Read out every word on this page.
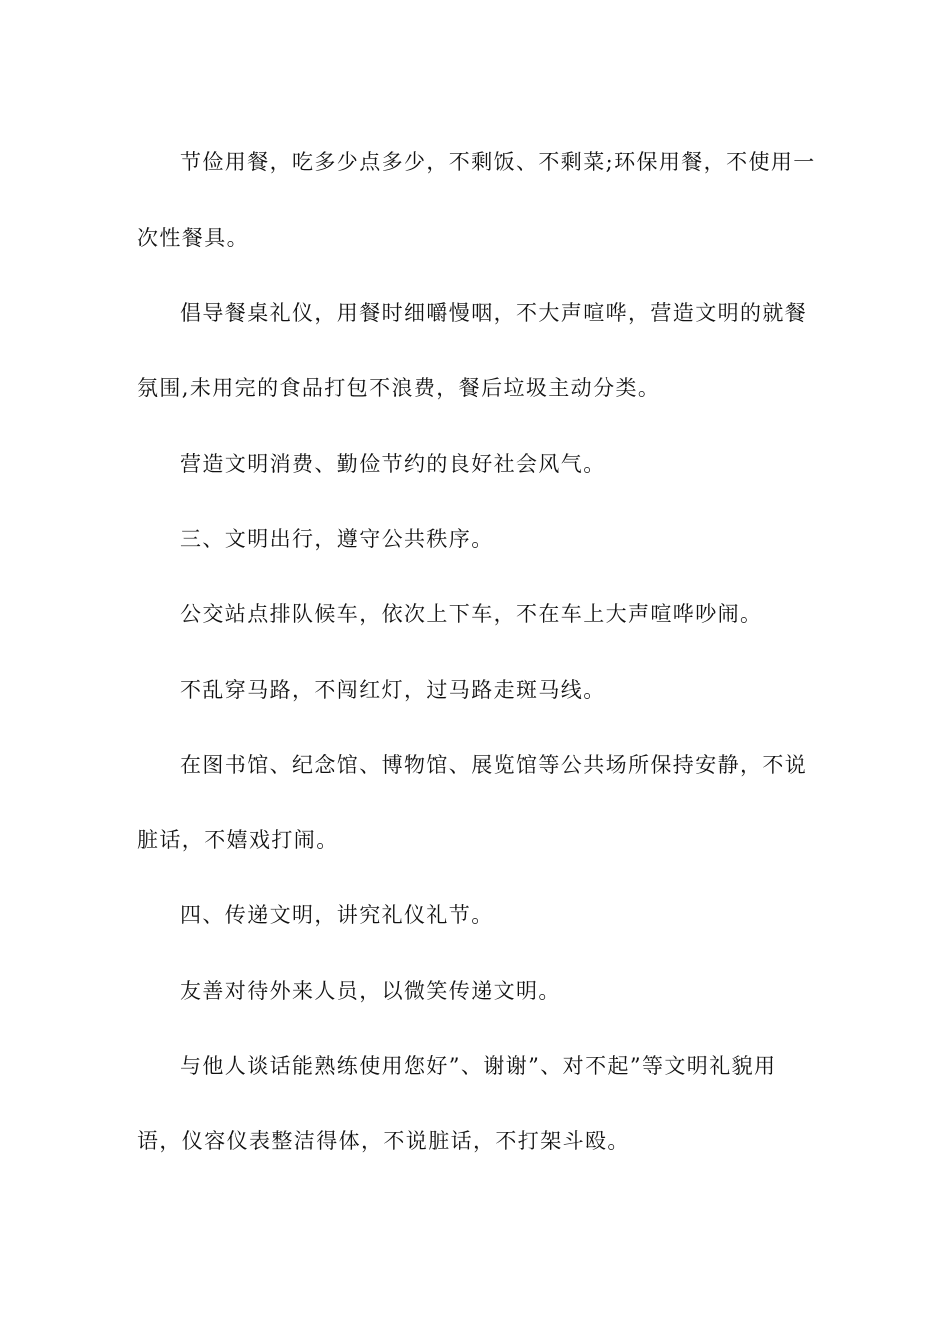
节俭用餐，吃多少点多少，不剩饭、不剩菜;环保用餐，不使用一
次性餐具。
倡导餐桌礼仪，用餐时细嚼慢咽，不大声喧哗，营造文明的就餐
氛围,未用完的食品打包不浪费，餐后垃圾主动分类。
营造文明消费、勤俭节约的良好社会风气。
三、文明出行，遵守公共秩序。
公交站点排队候车，依次上下车，不在车上大声喧哗吵闹。
不乱穿马路，不闯红灯，过马路走斑马线。
在图书馆、纪念馆、博物馆、展览馆等公共场所保持安静，不说
脏话，不嬉戏打闹。
四、传递文明，讲究礼仪礼节。
友善对待外来人员，以微笑传递文明。
与他人谈话能熟练使用您好”、谢谢”、对不起”等文明礼貌用
语，仪容仪表整洁得体，不说脏话，不打架斗殴。
